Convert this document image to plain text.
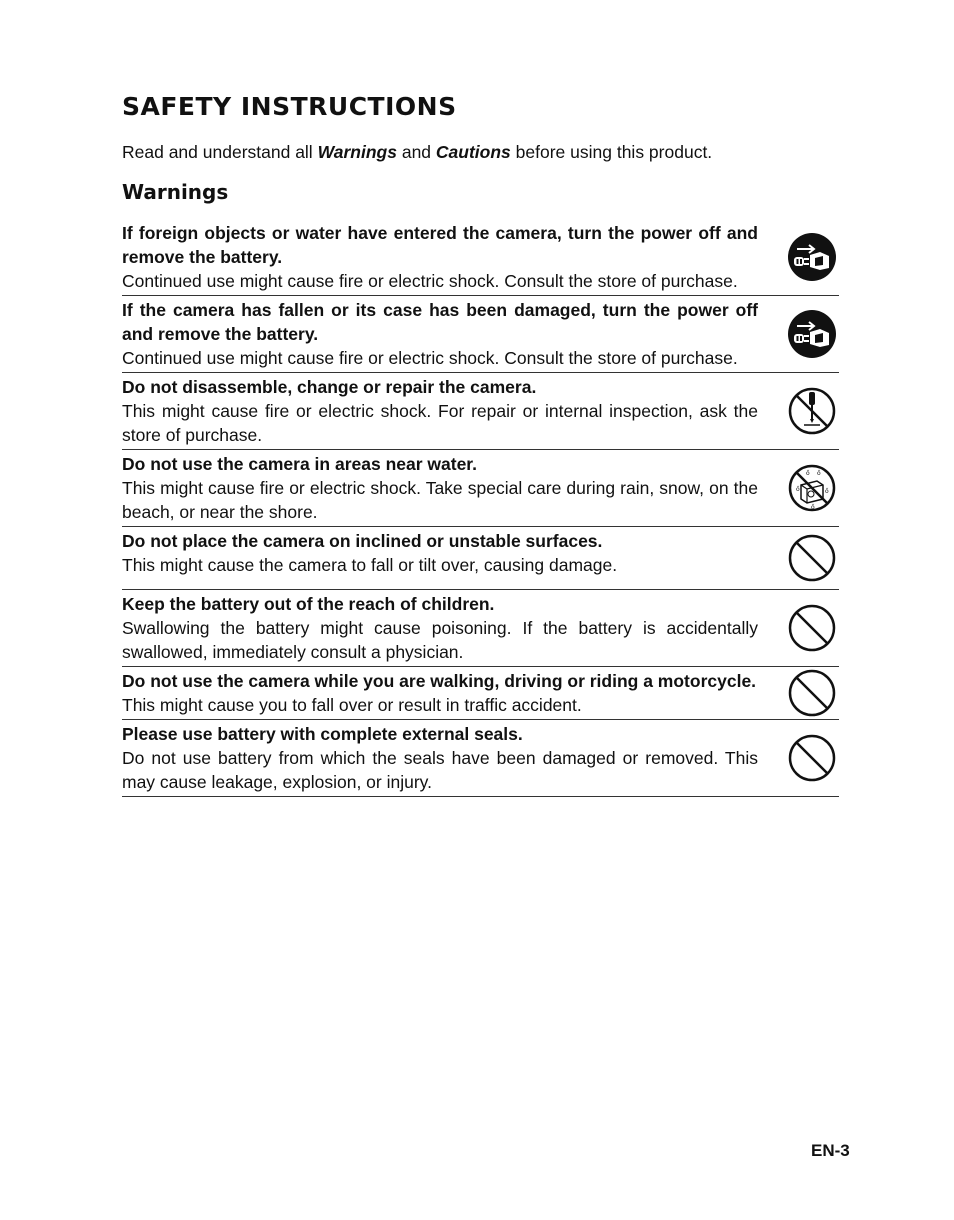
SAFETY INSTRUCTIONS

Read and understand all Warnings and Cautions before using this product.

Warnings
If foreign objects or water have entered the camera, turn the power off and remove the battery.
Continued use might cause fire or electric shock. Consult the store of purchase.
If the camera has fallen or its case has been damaged, turn the power off and remove the battery.
Continued use might cause fire or electric shock. Consult the store of purchase.
Do not disassemble, change or repair the camera.
This might cause fire or electric shock. For repair or internal inspection, ask the store of purchase.
Do not use the camera in areas near water.
This might cause fire or electric shock. Take special care during rain, snow, on the beach, or near the shore.
ő ő
ő	ő
ő
Do not place the camera on inclined or unstable surfaces.
This might cause the camera to fall or tilt over, causing damage.
Keep the battery out of the reach of children.
Swallowing the battery might cause poisoning. If the battery is accidentally swallowed, immediately consult a physician.
Do not use the camera while you are walking, driving or riding a motorcycle.
This might cause you to fall over or result in traffic accident.
Please use battery with complete external seals.
Do not use battery from which the seals have been damaged or removed. This may cause leakage, explosion, or injury.
EN-3
